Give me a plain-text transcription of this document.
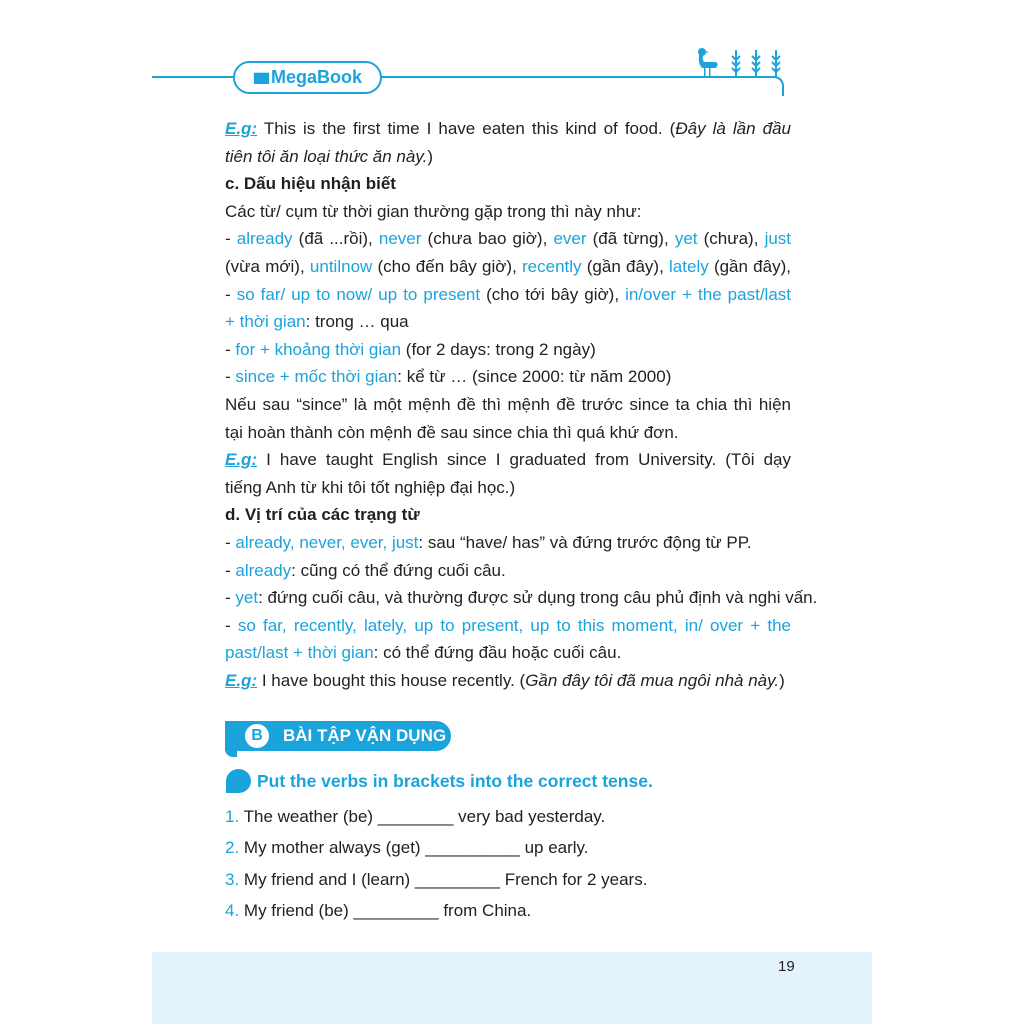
▮▮▮ MegaBook
E.g: This is the first time I have eaten this kind of food. (Đây là lần đầu
tiên tôi ăn loại thức ăn này.)
c. Dấu hiệu nhận biết
Các từ/ cụm từ thời gian thường gặp trong thì này như:
- already (đã ...rồi), never (chưa bao giờ), ever (đã từng), yet (chưa), just
(vừa mới), untilnow (cho đến bây giờ), recently (gần đây), lately (gần đây),
- so far/ up to now/ up to present (cho tới bây giờ), in/over + the past/last
+ thời gian: trong … qua
- for + khoảng thời gian (for 2 days: trong 2 ngày)
- since + mốc thời gian: kể từ … (since 2000: từ năm 2000)
Nếu sau “since” là một mệnh đề thì mệnh đề trước since ta chia thì hiện
tại hoàn thành còn mệnh đề sau since chia thì quá khứ đơn.
E.g: I have taught English since I graduated from University. (Tôi dạy
tiếng Anh từ khi tôi tốt nghiệp đại học.)
d. Vị trí của các trạng từ
- already, never, ever, just: sau “have/ has” và đứng trước động từ PP.
- already: cũng có thể đứng cuối câu.
- yet: đứng cuối câu, và thường được sử dụng trong câu phủ định và nghi vấn.
- so far, recently, lately, up to present, up to this moment, in/ over + the
past/last + thời gian: có thể đứng đầu hoặc cuối câu.
E.g: I have bought this house recently. (Gần đây tôi đã mua ngôi nhà này.)
B	BÀI TẬP VẬN DỤNG
Put the verbs in brackets into the correct tense.
1. The weather (be) ________ very bad yesterday.
2. My mother always (get) __________ up early.
3. My friend and I (learn) _________ French for 2 years.
4. My friend (be) _________ from China.
19
